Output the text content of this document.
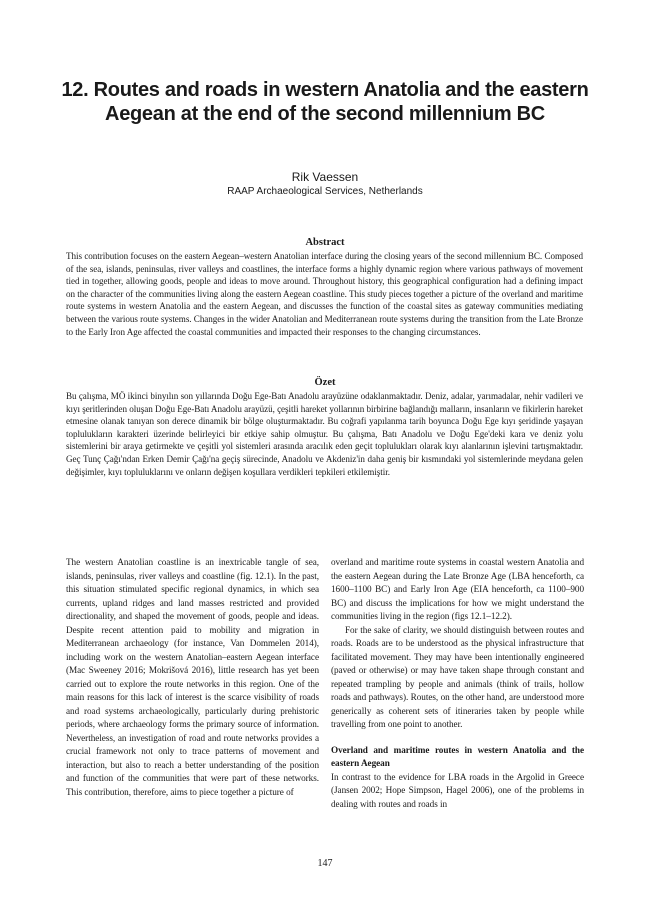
12. Routes and roads in western Anatolia and the eastern Aegean at the end of the second millennium BC
Rik Vaessen
RAAP Archaeological Services, Netherlands
Abstract

This contribution focuses on the eastern Aegean–western Anatolian interface during the closing years of the second millennium BC. Composed of the sea, islands, peninsulas, river valleys and coastlines, the interface forms a highly dynamic region where various pathways of movement tied in together, allowing goods, people and ideas to move around. Throughout history, this geographical configuration had a defining impact on the character of the communities living along the eastern Aegean coastline. This study pieces together a picture of the overland and maritime route systems in western Anatolia and the eastern Aegean, and discusses the function of the coastal sites as gateway communities mediating between the various route systems. Changes in the wider Anatolian and Mediterranean route systems during the transition from the Late Bronze to the Early Iron Age affected the coastal communities and impacted their responses to the changing circumstances.

Özet

Bu çalışma, MÖ ikinci binyılın son yıllarında Doğu Ege-Batı Anadolu arayüzüne odaklanmaktadır. Deniz, adalar, yarımadalar, nehir vadileri ve kıyı şeritlerinden oluşan Doğu Ege-Batı Anadolu arayüzü, çeşitli hareket yollarının birbirine bağlandığı malların, insanların ve fikirlerin hareket etmesine olanak tanıyan son derece dinamik bir bölge oluşturmaktadır. Bu coğrafi yapılanma tarih boyunca Doğu Ege kıyı şeridinde yaşayan toplulukların karakteri üzerinde belirleyici bir etkiye sahip olmuştur. Bu çalışma, Batı Anadolu ve Doğu Ege'deki kara ve deniz yolu sistemlerini bir araya getirmekte ve çeşitli yol sistemleri arasında aracılık eden geçit toplulukları olarak kıyı alanlarının işlevini tartışmaktadır. Geç Tunç Çağı'ndan Erken Demir Çağı'na geçiş sürecinde, Anadolu ve Akdeniz'in daha geniş bir kısmındaki yol sistemlerinde meydana gelen değişimler, kıyı topluluklarını ve onların değişen koşullara verdikleri tepkileri etkilemiştir.

The western Anatolian coastline is an inextricable tangle of sea, islands, peninsulas, river valleys and coastline (fig. 12.1). In the past, this situation stimulated specific regional dynamics, in which sea currents, upland ridges and land masses restricted and provided directionality, and shaped the movement of goods, people and ideas. Despite recent attention paid to mobility and migration in Mediterranean archaeology (for instance, Van Dommelen 2014), including work on the western Anatolian–eastern Aegean interface (Mac Sweeney 2016; Mokrišová 2016), little research has yet been carried out to explore the route networks in this region. One of the main reasons for this lack of interest is the scarce visibility of roads and road systems archaeologically, particularly during prehistoric periods, where archaeology forms the primary source of information. Nevertheless, an investigation of road and route networks provides a crucial framework not only to trace patterns of movement and interaction, but also to reach a better understanding of the position and function of the communities that were part of these networks. This contribution, therefore, aims to piece together a picture of

overland and maritime route systems in coastal western Anatolia and the eastern Aegean during the Late Bronze Age (LBA henceforth, ca 1600–1100 BC) and Early Iron Age (EIA henceforth, ca 1100–900 BC) and discuss the implications for how we might understand the communities living in the region (figs 12.1–12.2).

For the sake of clarity, we should distinguish between routes and roads. Roads are to be understood as the physical infrastructure that facilitated movement. They may have been intentionally engineered (paved or otherwise) or may have taken shape through constant and repeated trampling by people and animals (think of trails, hollow roads and pathways). Routes, on the other hand, are understood more generically as coherent sets of itineraries taken by people while travelling from one point to another.

Overland and maritime routes in western Anatolia and the eastern Aegean

In contrast to the evidence for LBA roads in the Argolid in Greece (Jansen 2002; Hope Simpson, Hagel 2006), one of the problems in dealing with routes and roads in

147
